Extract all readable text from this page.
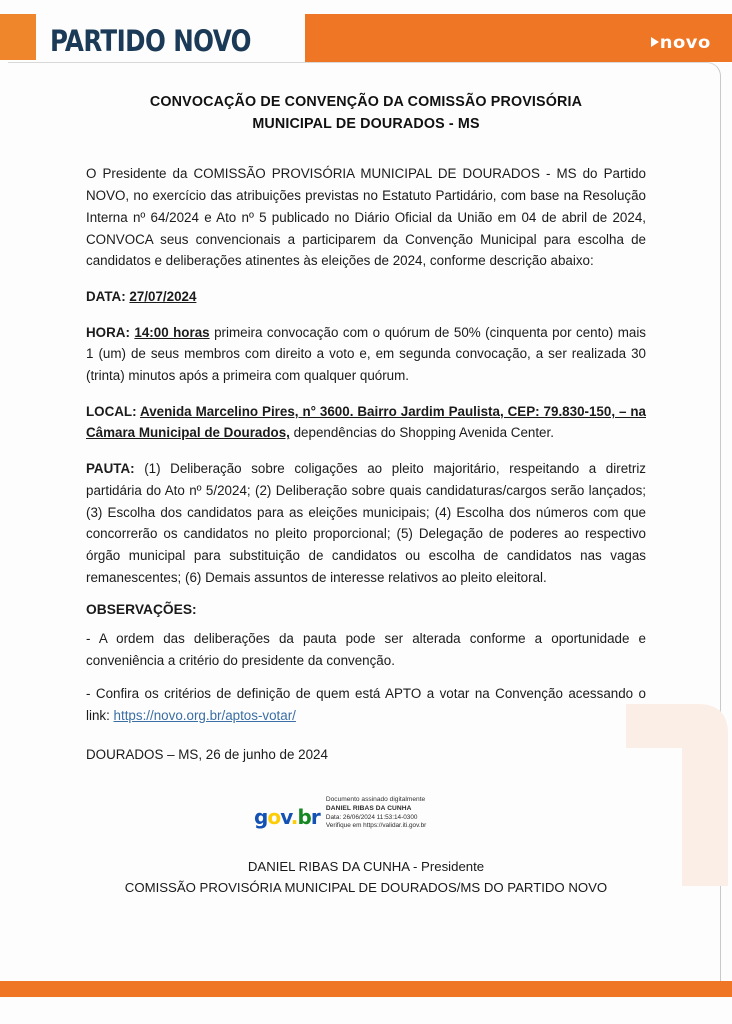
PARTIDO NOVO	novo
CONVOCAÇÃO DE CONVENÇÃO DA COMISSÃO PROVISÓRIA
MUNICIPAL DE DOURADOS - MS

O Presidente da COMISSÃO PROVISÓRIA MUNICIPAL DE DOURADOS - MS do Partido NOVO, no exercício das atribuições previstas no Estatuto Partidário, com base na Resolução Interna nº 64/2024 e Ato nº 5 publicado no Diário Oficial da União em 04 de abril de 2024, CONVOCA seus convencionais a participarem da Convenção Municipal para escolha de candidatos e deliberações atinentes às eleições de 2024, conforme descrição abaixo:

DATA: 27/07/2024

HORA: 14:00 horas primeira convocação com o quórum de 50% (cinquenta por cento) mais 1 (um) de seus membros com direito a voto e, em segunda convocação, a ser realizada 30 (trinta) minutos após a primeira com qualquer quórum.

LOCAL: Avenida Marcelino Pires, n° 3600. Bairro Jardim Paulista, CEP: 79.830-150, – na Câmara Municipal de Dourados, dependências do Shopping Avenida Center.

PAUTA: (1) Deliberação sobre coligações ao pleito majoritário, respeitando a diretriz partidária do Ato nº 5/2024; (2) Deliberação sobre quais candidaturas/cargos serão lançados; (3) Escolha dos candidatos para as eleições municipais; (4) Escolha dos números com que concorrerão os candidatos no pleito proporcional; (5) Delegação de poderes ao respectivo órgão municipal para substituição de candidatos ou escolha de candidatos nas vagas remanescentes; (6) Demais assuntos de interesse relativos ao pleito eleitoral.

OBSERVAÇÕES:

- A ordem das deliberações da pauta pode ser alterada conforme a oportunidade e conveniência a critério do presidente da convenção.

- Confira os critérios de definição de quem está APTO a votar na Convenção acessando o link: https://novo.org.br/aptos-votar/

DOURADOS – MS, 26 de junho de 2024

gov.br
Documento assinado digitalmente
DANIEL RIBAS DA CUNHA
Data: 26/06/2024 11:53:14-0300
Verifique em https://validar.iti.gov.br
DANIEL RIBAS DA CUNHA - Presidente
COMISSÃO PROVISÓRIA MUNICIPAL DE DOURADOS/MS DO PARTIDO NOVO
